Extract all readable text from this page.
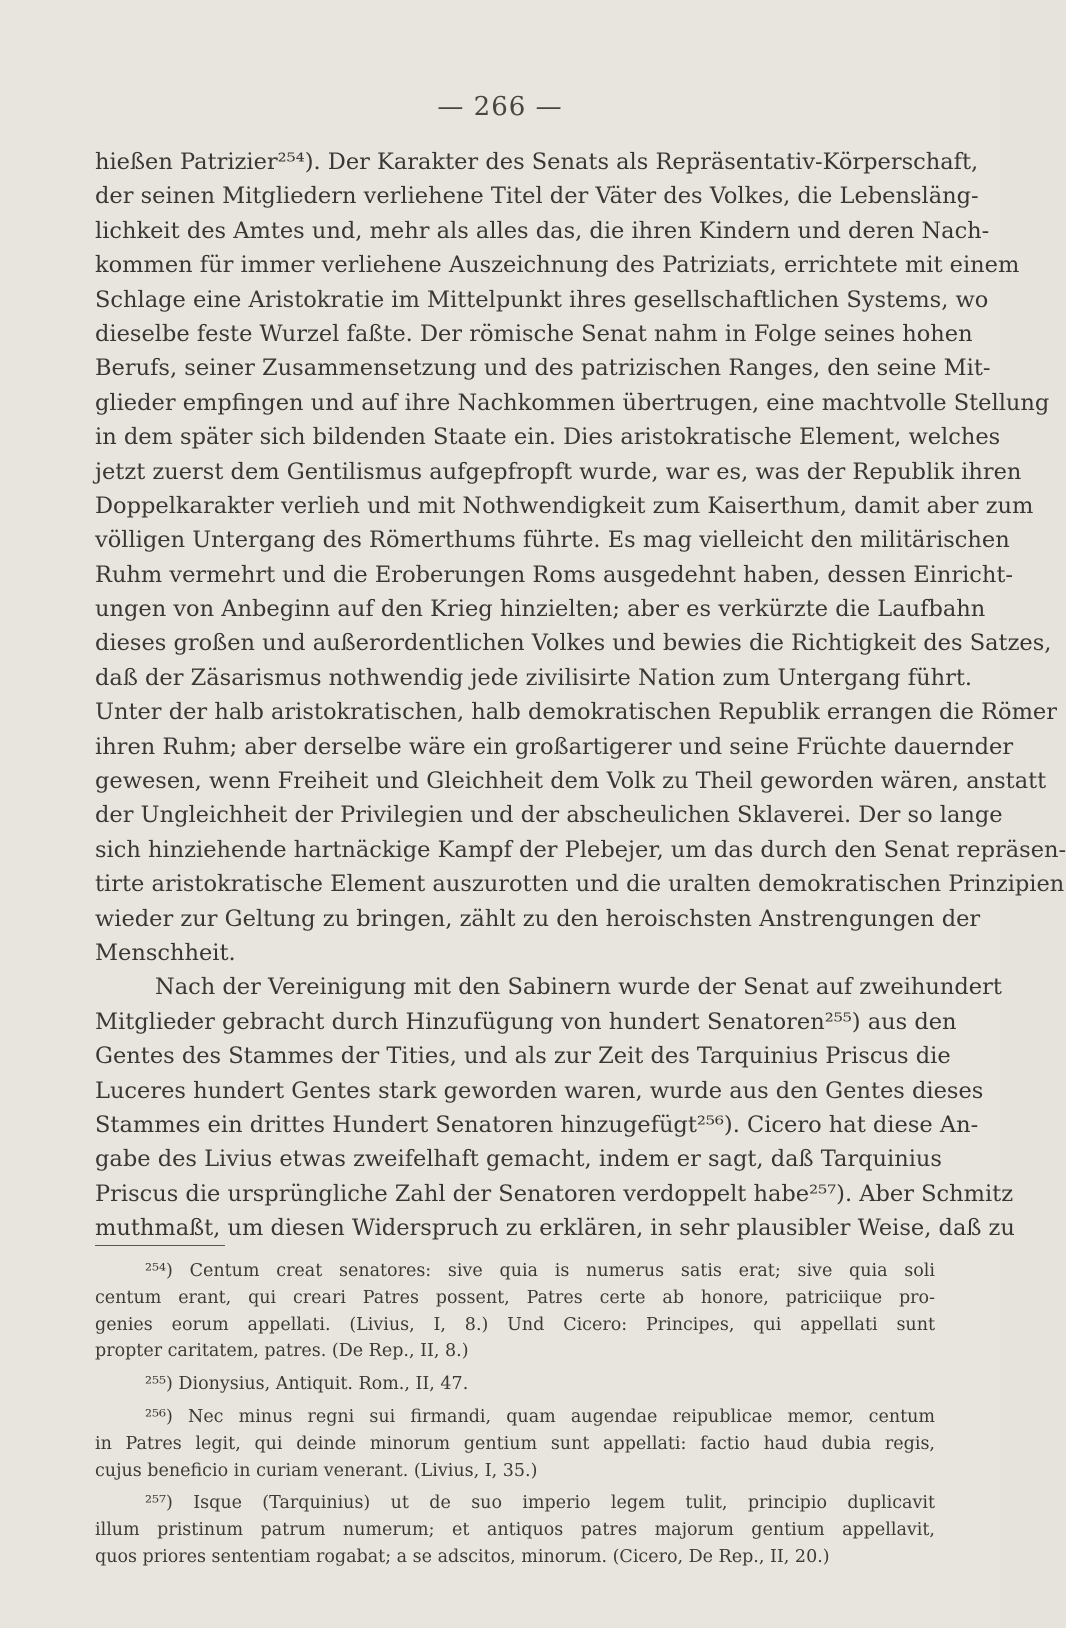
— 266 —
hießen Patrizier²⁵⁴). Der Karakter des Senats als Repräsentativ-Körperschaft,
der seinen Mitgliedern verliehene Titel der Väter des Volkes, die Lebensläng-
lichkeit des Amtes und, mehr als alles das, die ihren Kindern und deren Nach-
kommen für immer verliehene Auszeichnung des Patriziats, errichtete mit einem
Schlage eine Aristokratie im Mittelpunkt ihres gesellschaftlichen Systems, wo
dieselbe feste Wurzel faßte. Der römische Senat nahm in Folge seines hohen
Berufs, seiner Zusammensetzung und des patrizischen Ranges, den seine Mit-
glieder empfingen und auf ihre Nachkommen übertrugen, eine machtvolle Stellung
in dem später sich bildenden Staate ein. Dies aristokratische Element, welches
jetzt zuerst dem Gentilismus aufgepfropft wurde, war es, was der Republik ihren
Doppelkarakter verlieh und mit Nothwendigkeit zum Kaiserthum, damit aber zum
völligen Untergang des Römerthums führte. Es mag vielleicht den militärischen
Ruhm vermehrt und die Eroberungen Roms ausgedehnt haben, dessen Einricht-
ungen von Anbeginn auf den Krieg hinzielten; aber es verkürzte die Laufbahn
dieses großen und außerordentlichen Volkes und bewies die Richtigkeit des Satzes,
daß der Zäsarismus nothwendig jede zivilisirte Nation zum Untergang führt.
Unter der halb aristokratischen, halb demokratischen Republik errangen die Römer
ihren Ruhm; aber derselbe wäre ein großartigerer und seine Früchte dauernder
gewesen, wenn Freiheit und Gleichheit dem Volk zu Theil geworden wären, anstatt
der Ungleichheit der Privilegien und der abscheulichen Sklaverei. Der so lange
sich hinziehende hartnäckige Kampf der Plebejer, um das durch den Senat repräsen-
tirte aristokratische Element auszurotten und die uralten demokratischen Prinzipien
wieder zur Geltung zu bringen, zählt zu den heroischsten Anstrengungen der
Menschheit.
Nach der Vereinigung mit den Sabinern wurde der Senat auf zweihundert
Mitglieder gebracht durch Hinzufügung von hundert Senatoren²⁵⁵) aus den
Gentes des Stammes der Tities, und als zur Zeit des Tarquinius Priscus die
Luceres hundert Gentes stark geworden waren, wurde aus den Gentes dieses
Stammes ein drittes Hundert Senatoren hinzugefügt²⁵⁶). Cicero hat diese An-
gabe des Livius etwas zweifelhaft gemacht, indem er sagt, daß Tarquinius
Priscus die ursprüngliche Zahl der Senatoren verdoppelt habe²⁵⁷). Aber Schmitz
muthmaßt, um diesen Widerspruch zu erklären, in sehr plausibler Weise, daß zu
²⁵⁴) Centum creat senatores: sive quia is numerus satis erat; sive quia soli
centum erant, qui creari Patres possent, Patres certe ab honore, patriciique pro-
genies eorum appellati. (Livius, I, 8.) Und Cicero: Principes, qui appellati sunt
propter caritatem, patres. (De Rep., II, 8.)
²⁵⁵) Dionysius, Antiquit. Rom., II, 47.
²⁵⁶) Nec minus regni sui firmandi, quam augendae reipublicae memor, centum
in Patres legit, qui deinde minorum gentium sunt appellati: factio haud dubia regis,
cujus beneficio in curiam venerant. (Livius, I, 35.)
²⁵⁷) Isque (Tarquinius) ut de suo imperio legem tulit, principio duplicavit
illum pristinum patrum numerum; et antiquos patres majorum gentium appellavit,
quos priores sententiam rogabat; a se adscitos, minorum. (Cicero, De Rep., II, 20.)
